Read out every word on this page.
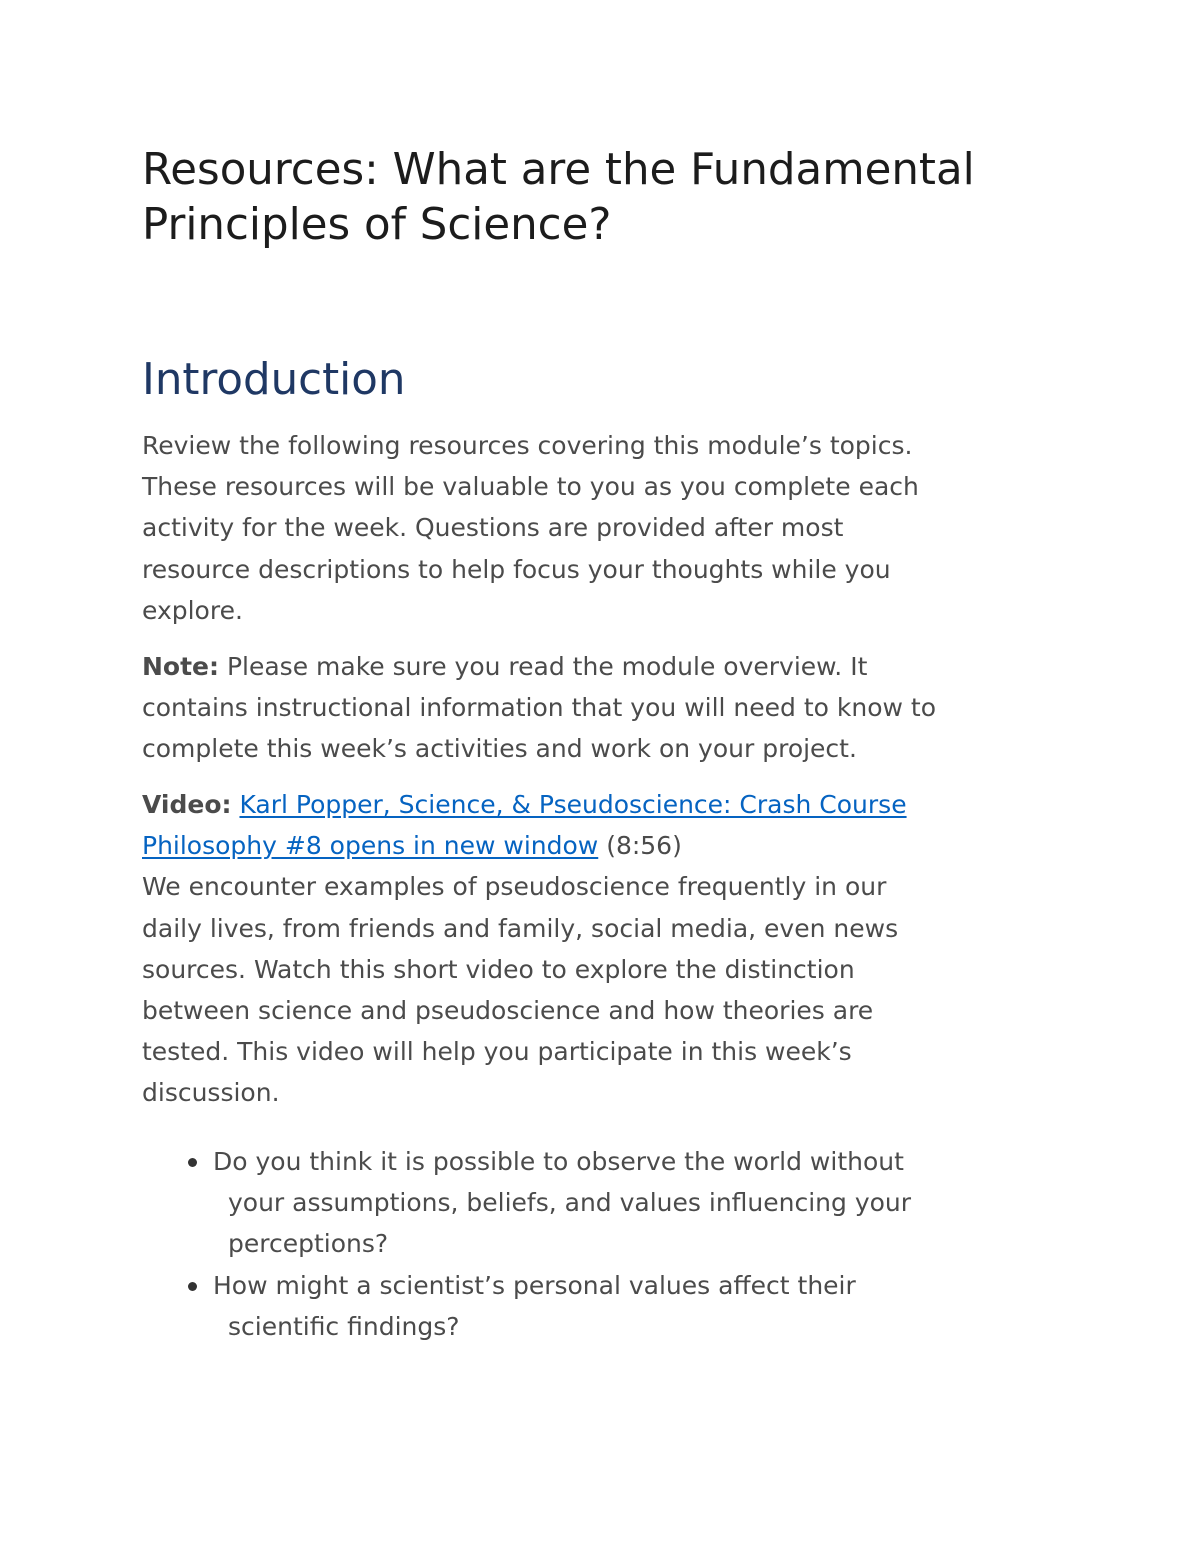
Resources: What are the Fundamental
Principles of Science?
Introduction

Review the following resources covering this module’s topics.
These resources will be valuable to you as you complete each
activity for the week. Questions are provided after most
resource descriptions to help focus your thoughts while you
explore.

Note: Please make sure you read the module overview. It
contains instructional information that you will need to know to
complete this week’s activities and work on your project.

Video: Karl Popper, Science, & Pseudoscience: Crash Course
Philosophy #8 opens in new window (8:56)
We encounter examples of pseudoscience frequently in our
daily lives, from friends and family, social media, even news
sources. Watch this short video to explore the distinction
between science and pseudoscience and how theories are
tested. This video will help you participate in this week’s
discussion.

Do you think it is possible to observe the world without
your assumptions, beliefs, and values influencing your
perceptions?
How might a scientist’s personal values affect their
scientific findings?
